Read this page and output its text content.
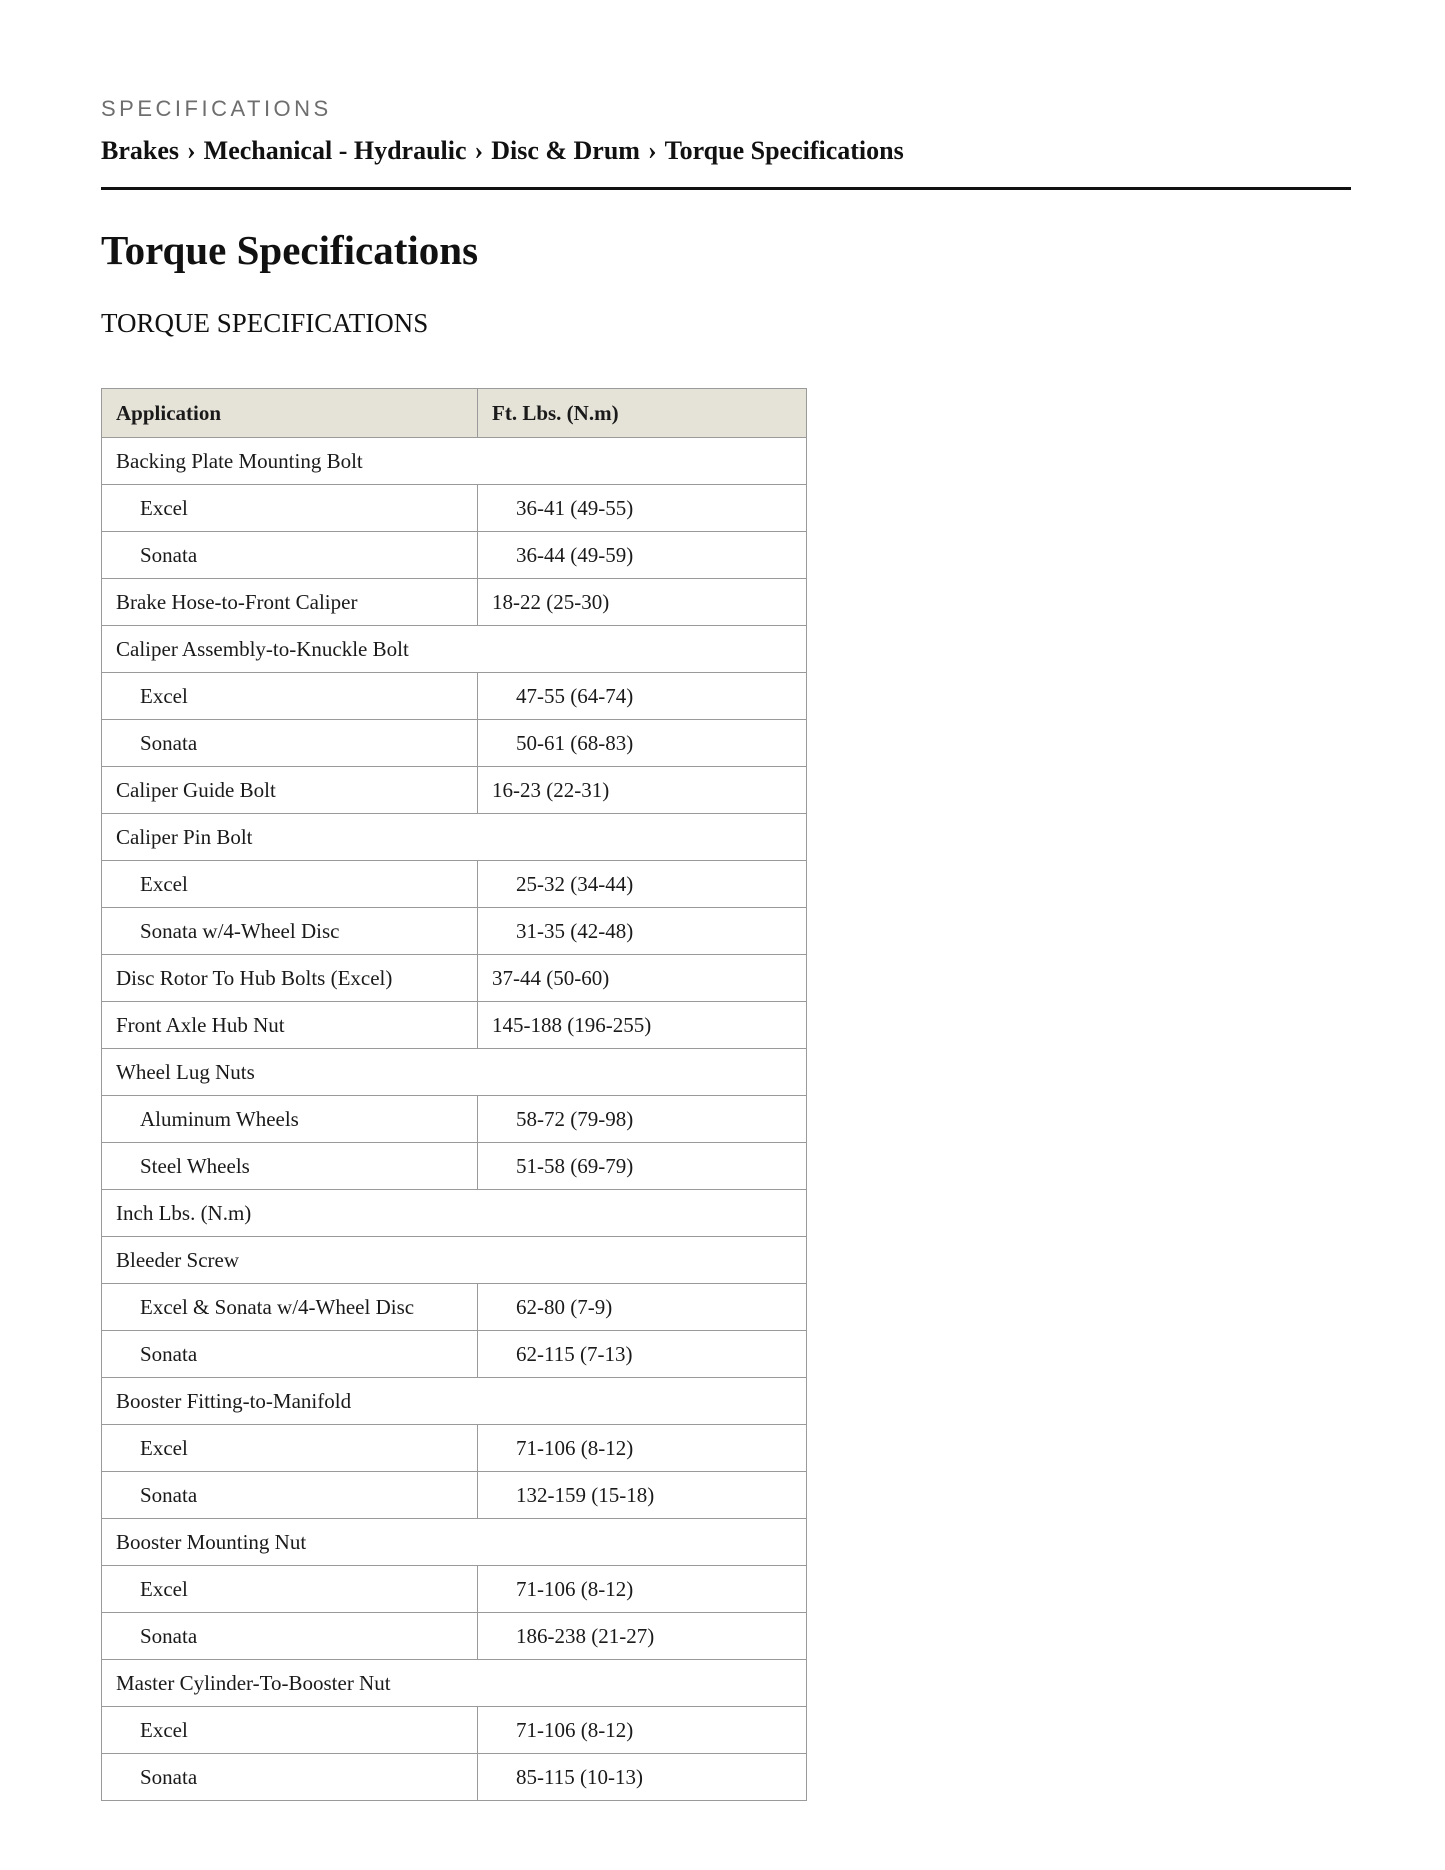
SPECIFICATIONS
Brakes › Mechanical - Hydraulic › Disc & Drum › Torque Specifications
Torque Specifications
TORQUE SPECIFICATIONS
Application	Ft. Lbs. (N.m)
Backing Plate Mounting Bolt	
Excel	36-41 (49-55)
Sonata	36-44 (49-59)
Brake Hose-to-Front Caliper	18-22 (25-30)
Caliper Assembly-to-Knuckle Bolt	
Excel	47-55 (64-74)
Sonata	50-61 (68-83)
Caliper Guide Bolt	16-23 (22-31)
Caliper Pin Bolt	
Excel	25-32 (34-44)
Sonata w/4-Wheel Disc	31-35 (42-48)
Disc Rotor To Hub Bolts (Excel)	37-44 (50-60)
Front Axle Hub Nut	145-188 (196-255)
Wheel Lug Nuts	
Aluminum Wheels	58-72 (79-98)
Steel Wheels	51-58 (69-79)
Inch Lbs. (N.m)	
Bleeder Screw	
Excel & Sonata w/4-Wheel Disc	62-80 (7-9)
Sonata	62-115 (7-13)
Booster Fitting-to-Manifold	
Excel	71-106 (8-12)
Sonata	132-159 (15-18)
Booster Mounting Nut	
Excel	71-106 (8-12)
Sonata	186-238 (21-27)
Master Cylinder-To-Booster Nut	
Excel	71-106 (8-12)
Sonata	85-115 (10-13)
